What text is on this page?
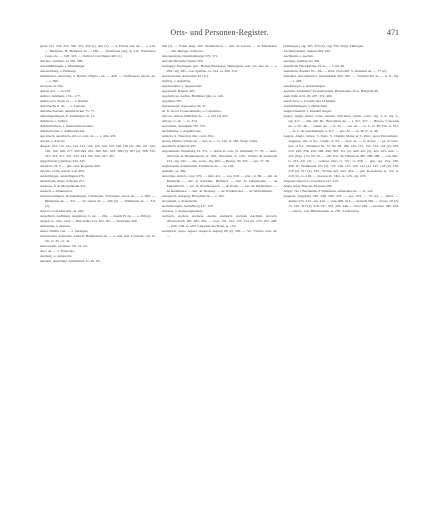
Orts- und Personen-Register.	471

gasse 155. 256. 252. 320. 372. 459 (1). 461 (1). — V. Fritele aus. de. — s. 219. — Humpiss, H. Humpiss de — 282. — Wetzberus [de], Ia 211. Wetzberus Cesso de. — 320. 323. — Vertrold von Degen 461 (1).

Altrake, Altrakus, Ia 359. 366.

Altenmähringen, s. Mundingen.

Altreschberg, s. Pulsberg.

Altmünster, Alttrestig, 3. Bertha, Pfiptia von. — 428. — Wolfhaussa adven. de. — s. 360.

Alwerin, Ia 256.

Aman, der. — Ia 218.

Ambro, Ammern, 174—177.

Ambroed s. Bodo ut. — s. Rieheb.

Amelbache ft. de. — s. Laplain.

Amalbachweiler, Ammertacker 75. 77.

Amelingenhagen, F. Anlahagen 10. 12.

Ammern, s. Ambra.

Ammenwilwer, s. Hattschilwerwilare.

Ammerswiler, s. Almbertswiler.

Ancobach, Anarbach, abb. et conv. de. — s. 434. 435.

Ancell, s. Ancelo.

Angelo 104. 115. 121. 122. 123. 124. 125. 126. 129. 128. 129 (2). 160. 161. 163. 165. 166. 166. 277. 293 294. 295. 300. 301. 305. 306 (2). 307 (2). 308. 315. 315. 316. 317. 321. 343. 344. 345. 356. 427. 457.

Angeltrastar] (ternise) 344. 345.

Anselote, H. 3. — pbr. card. Rogerius 406.

Ancelo, Celle, Ancelt 210. 404.

Andelvingen, Andelfingen 276.

Andeistam, diöse, Kansten 271.

Andreas, fr. in Morgenheim 221.

Andwil, s. Annenwilar.

Annenverhingen, Konnerdingen, Uberingen, Freburgue canon de. — s. 300. — Birkitelus de. — 371. — W. sentur de. — 200 (2). — Walthernu de. — 311 (2).

Anfors, Conradus mil., Ia. 290.

Angelbery, Aufliberg. Angelhery, C. de. — 264. — daerm H. de. — s. 266 (2).

Angeli, S., diac. card. — Riticardus 113. 162. 361. — Romanus 420.

Anhausen, s. Ahusen.

Anna, Ortiftu von. — s. Veringen.

Annenwiler, Annwiler, Andwil; Baldebertus de. — a, suet. mil. Constant. can. hr. 30., ts. 35., ta. 41.

Annsweiler, pfoltiber. 3.6. 21. 24.

Ano. de. — s. Erneweis.

Ansberg, s. Amsperch.

Anselm, Anselmus, Anshelmus, Ia. 49. 65.

569 (2). — Falter mag., abb. Ssennfeltern. — mil. de Steven. — de Martinden. — dns. Ritrage. Schwyze.

Antonenstarp, Onstmantingen 370. 371.

Antonil Herrucke Seiten 393.

Antingen, Entringen, spic. Hohen-Entringen, Heniegerue nob. viv. dne de. — s. 284., sig. 285., can. Spirens., ta. 214, ta. 309. 310.

Anzelaweiler, Anzweiler 451 (1).

Apfilus, s. Apfelbus.

Appenweiler, s. Appenwiler.

Appensell, Ransen 403.

Appfeldwes, Apflas, Halmirus [de]. ts. 146.

Appilatus 387.

Appanslager, Appweiler 36. 37.

Ar. fr. lector Constantiensis, s. Constantia.

Arbosa, Arbon, Rüdolfus de. — s. 216 (2) 423.

Arbore, C. de. — ts. 374.

Arnschein, Arnsheim 370. 372.

Archibefius, s. Arginbreuse.

Ardicio, S. Theodori diac. card. 284.

Arena, Herms, Vitone de — des. ta. — ts. 142, ts. 180. Vergl. Ulma.

Arenhach, Arnbach 335.

Argentinum, Strassburg 32. 371. — abbas et conv. (S. Damiani) 77. 79. — narrl. Albertus de Blankenstein, ts. 108., Otnaedus, ts. 163., Victius de Isapheren 231., sig. 232. — dec. eccle., sig. 260. — Bones. 30. 323. — eps. 57. 58.

Argintosum, Arnbehofen, Fridericus de. — ts. 149.

Ambalis, ss. 369.

Arnoldus, Arnolt, conv. 370. — dpfr. 411. — sap. 318. — plac., ts. 80. — pbt. de Rubeiche. — dec. et archidiac. Herbipol. — mil. de Langenstein. — de Metzenbach. — pe. de Orschlenpach. — de Portis. — adv. de Riebenbere. — de Rudebnere. — mil. de Tierberg. — de Wildenvoiel. — de Welschtheiin.

Arnsperch, Ansperg, Bartolilus de — s. 462.

Arveshem, s. Arensheim.

Aschelbougen, Aschelberg 417. 419.

Aslonus, s. Aschpergineanus.

Aschach, Aschas, Aschels, Ascha, Auhaich, Aschah, Aschlah, Asvach, Oberaschach 187. 405. 461. — ecol. 151. 152. 153. 154 (2). 235. 237. 288. — plab. 236. ts. 290. Clnradus des Bone, ts. 152.

Aschhorst, spars. Aspert, Asperch, Asperg 98 (2). 246. — Vi., Victrus com. de. —

[Vertingen]. sig. 305. 333 (2)., sig. 334. Vergl. Tübingen.

Aschenryintant, Ashren 264. 265.

Aschheim, s. Aechin.

Aseman, Asimug abt 459.

Aussiham, Hertrkmann, H. de. — s. 69. 90.

Aussideln, Asemel 65—66. — abbs. Clara mil. S. Damiani de. — 77 (2).

Aussidel, Aucommiterl, Aussenkaldt 463. 467. — Waltprachts de — ts. 8., sig. — s. 463.

Aeschberger, s. Aebelldingen.

Axtchin, Asskehm f Zu Keenastein, Hohenstein, O.A. Banglam 48.

Auh, bahr. A.D. 26. 207. 372. 409.

Aucrichtos, s. Gwalde und Urisheim.

Audeltmaringen, s. Hebrichein.

Auges Dassfell, s. Dandell Augea.

Auges, Angls, maior. eclla., mioner, Relchens, optim., conv., sig. 3. 4., sig. 5., sig. 317. — abb. abb. Rt., Bertoribus de. — s. 317, 317. — Hisoro, Conradus de., s. 67. 48. — camer. de. — ts. 43. — can. de. — ts. 3., ts. 48; Frb, ts. 817. — fr. C. de Gundelnugis, ts 317. — pps. de. — ts. 46, F., ts. 46.

Augsts, Angia, minor, S. Petri, S. virginis Marie et S. Petri, apud Parvenburg., Augesse, abb. et fra., conuir., ts. 63. — decr. de. — ts. maior. — ps. et conv., ppe. et fra., Watmuen 81. 15. 66. 99. 180. 145. 151. 152. 153. 154 (2). 203. 210. 220. 236. 256. 266. 290. 303. 321 (2). 420. 421 (2). 422. 423. 424. — abb. [Ego. ] Ta. 63. 70. — abb. Ext. 54. Heinricus 285. 286. 288. — can. Ber., ts. 213. 221 (2). — cellerar. Otto. ts. 127., ts. 456. — ppe., sig. 154., 220. 458. II., Wemharus 124 (2). 125. 126. 127. 129. 141 (2). 147. 148 (2). 150. 210 (2). 211 (2). 435., Victius 421. 423. 432. — pbr. Rododeres, ts. 152, ts. 210 (2)., ts. 218. — procuss O., Otto, ts. 123., sig. 233.

Augsuss superior, osweichtal 417. 419.

Angia super Rancen, Ebrnese 286.

Angls, 74s, I Bechheim, F Wimmena, Albertulus de. — ts. 126.

Angusia. Augsburg 285. 248. 290. 433. — eps. 433. — 70 (2). — abbss. — dianus 275. 415., sig. 416. — eras 406. 414. — denardi 362. — doces. vil (2). 72. 310. 315 (2). 318. 331. 333. 445. 446. — libra 236. — monast. 382. 433. — adlcta., can. Hiltebrandus, ts. 236., Ludewicus,
